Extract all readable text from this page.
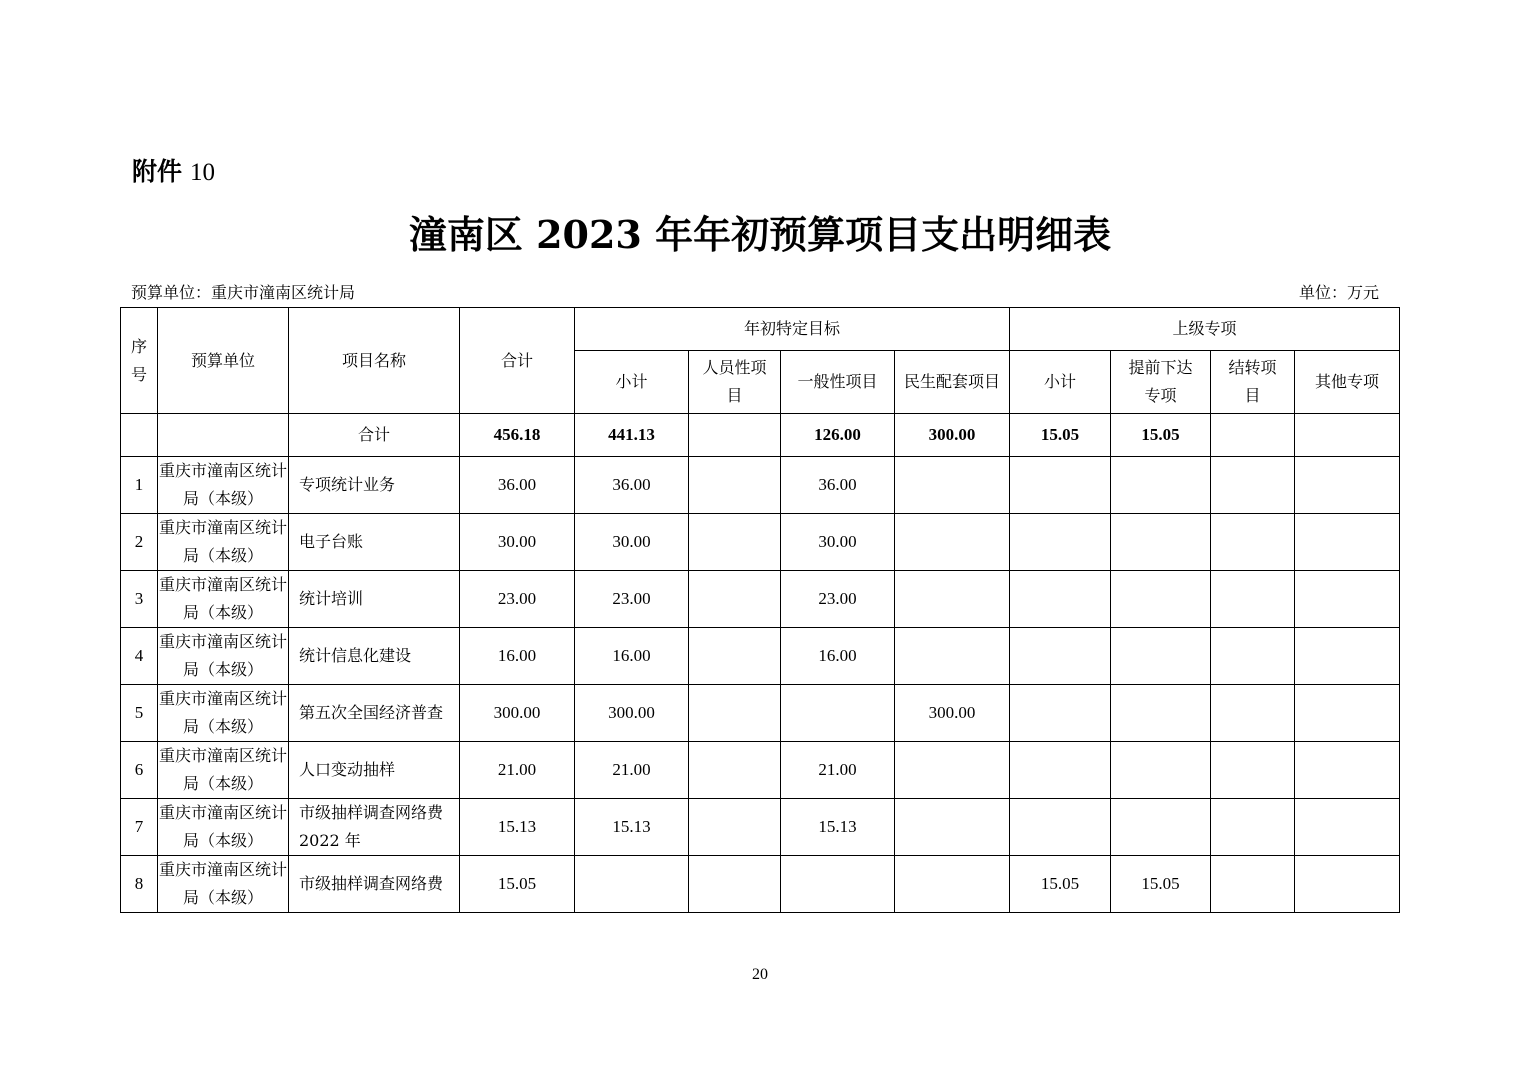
附件 10
潼南区 2023 年年初预算项目支出明细表
预算单位：重庆市潼南区统计局	单位：万元
序号	预算单位	项目名称	合计	年初特定目标				上级专项			
				小计	人员性项目	一般性项目	民生配套项目	小计	提前下达专项	结转项目	其他专项
		合计	456.18	441.13		126.00	300.00	15.05	15.05		
1	重庆市潼南区统计局（本级）	专项统计业务	36.00	36.00		36.00					
2	重庆市潼南区统计局（本级）	电子台账	30.00	30.00		30.00					
3	重庆市潼南区统计局（本级）	统计培训	23.00	23.00		23.00					
4	重庆市潼南区统计局（本级）	统计信息化建设	16.00	16.00		16.00					
5	重庆市潼南区统计局（本级）	第五次全国经济普查	300.00	300.00			300.00				
6	重庆市潼南区统计局（本级）	人口变动抽样	21.00	21.00		21.00					
7	重庆市潼南区统计局（本级）	市级抽样调查网络费 2022 年	15.13	15.13		15.13					
8	重庆市潼南区统计局（本级）	市级抽样调查网络费	15.05					15.05	15.05		
20
